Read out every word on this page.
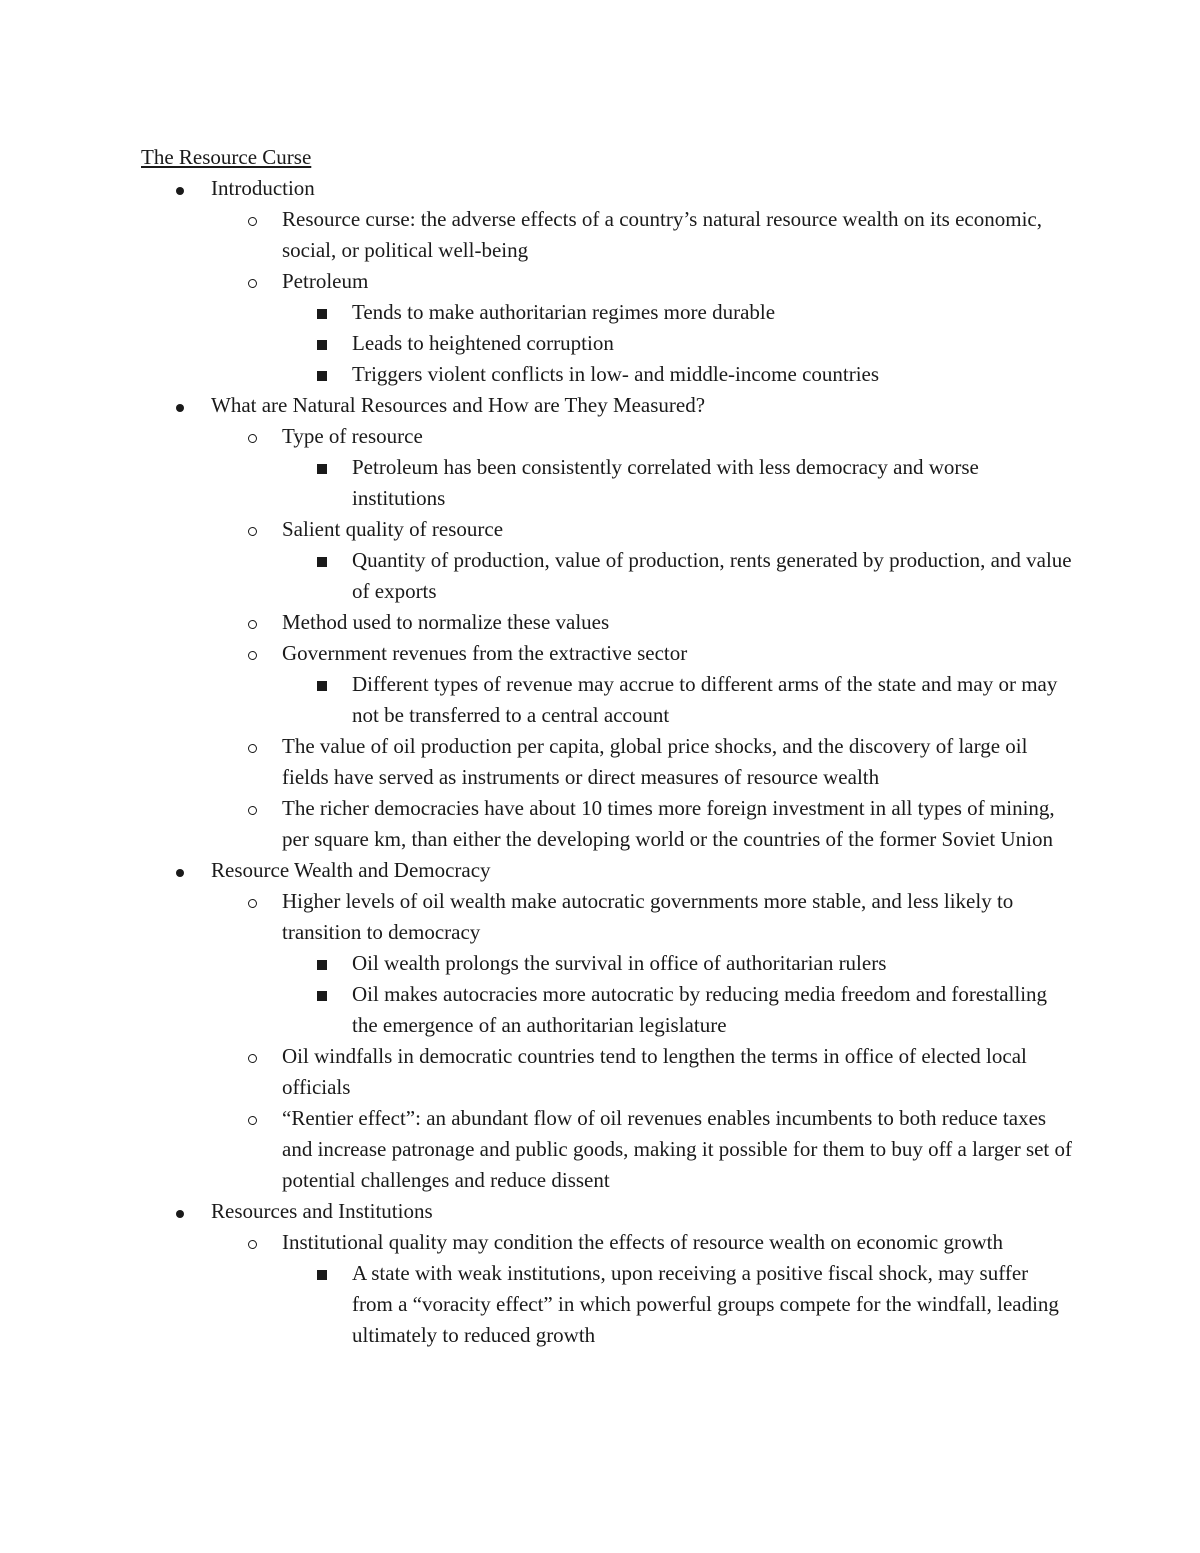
The Resource Curse
Introduction
Resource curse: the adverse effects of a country’s natural resource wealth on its economic, social, or political well-being
Petroleum
Tends to make authoritarian regimes more durable
Leads to heightened corruption
Triggers violent conflicts in low- and middle-income countries
What are Natural Resources and How are They Measured?
Type of resource
Petroleum has been consistently correlated with less democracy and worse institutions
Salient quality of resource
Quantity of production, value of production, rents generated by production, and value of exports
Method used to normalize these values
Government revenues from the extractive sector
Different types of revenue may accrue to different arms of the state and may or may not be transferred to a central account
The value of oil production per capita, global price shocks, and the discovery of large oil fields have served as instruments or direct measures of resource wealth
The richer democracies have about 10 times more foreign investment in all types of mining, per square km, than either the developing world or the countries of the former Soviet Union
Resource Wealth and Democracy
Higher levels of oil wealth make autocratic governments more stable, and less likely to transition to democracy
Oil wealth prolongs the survival in office of authoritarian rulers
Oil makes autocracies more autocratic by reducing media freedom and forestalling the emergence of an authoritarian legislature
Oil windfalls in democratic countries tend to lengthen the terms in office of elected local officials
“Rentier effect”: an abundant flow of oil revenues enables incumbents to both reduce taxes and increase patronage and public goods, making it possible for them to buy off a larger set of potential challenges and reduce dissent
Resources and Institutions
Institutional quality may condition the effects of resource wealth on economic growth
A state with weak institutions, upon receiving a positive fiscal shock, may suffer from a “voracity effect” in which powerful groups compete for the windfall, leading ultimately to reduced growth
